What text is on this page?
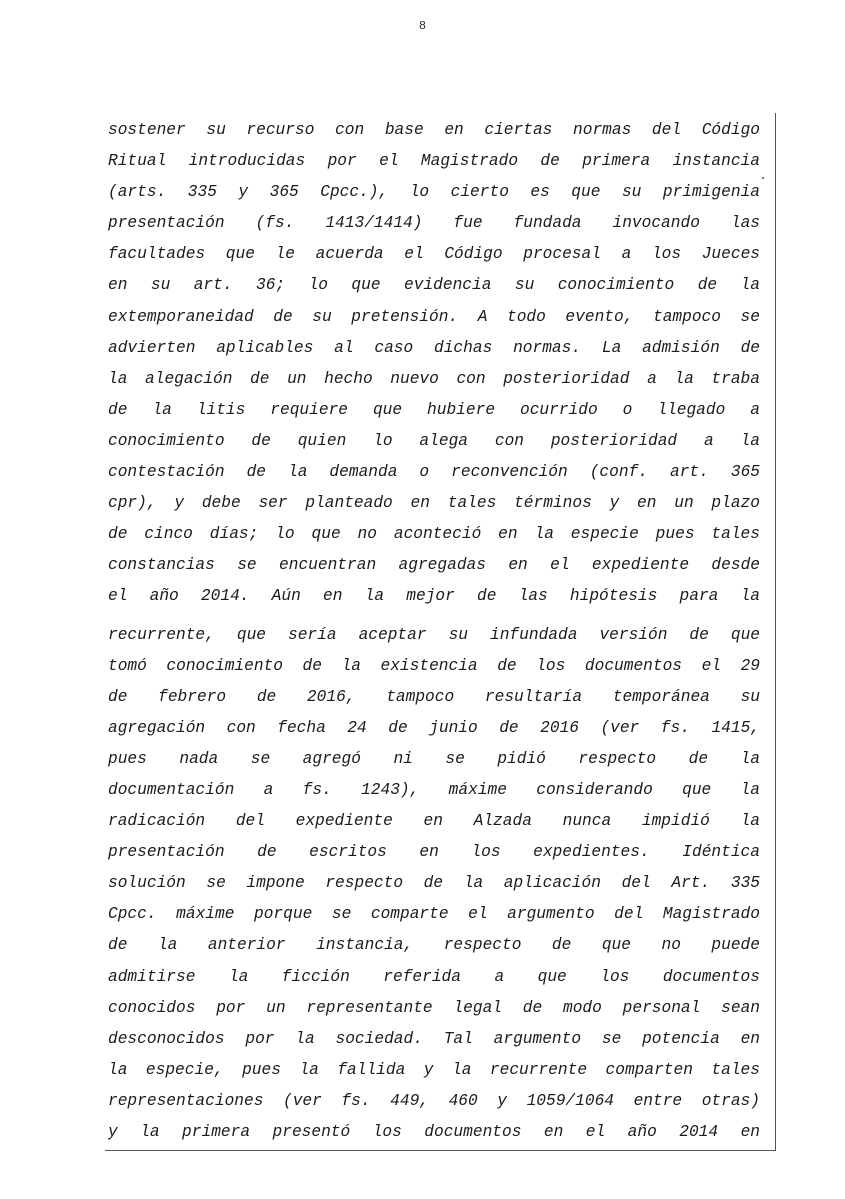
8
˚
sostener su recurso con base en ciertas normas del Código
Ritual introducidas por el Magistrado de primera instancia
(arts. 335 y 365 Cpcc.), lo cierto es que su primigenia
presentación (fs. 1413/1414) fue fundada invocando las
facultades que le acuerda el Código procesal a los Jueces
en su art. 36; lo que evidencia su conocimiento de la
extemporaneidad de su pretensión. A todo evento, tampoco se
advierten aplicables al caso dichas normas. La admisión de
la alegación de un hecho nuevo con posterioridad a la traba
de la litis requiere que hubiere ocurrido o llegado a
conocimiento de quien lo alega con posterioridad a la
contestación de la demanda o reconvención (conf. art. 365
cpr), y debe ser planteado en tales términos y en un plazo
de cinco días; lo que no aconteció en la especie pues tales
constancias se encuentran agregadas en el expediente desde
el año 2014. Aún en la mejor de las hipótesis para la
recurrente, que sería aceptar su infundada versión de que
tomó conocimiento de la existencia de los documentos el 29
de febrero de 2016, tampoco resultaría temporánea su
agregación con fecha 24 de junio de 2016 (ver fs. 1415,
pues nada se agregó ni se pidió respecto de la
documentación a fs. 1243), máxime considerando que la
radicación del expediente en Alzada nunca impidió la
presentación de escritos en los expedientes. Idéntica
solución se impone respecto de la aplicación del Art. 335
Cpcc. máxime porque se comparte el argumento del Magistrado
de la anterior instancia, respecto de que no puede
admitirse la ficción referida a que los documentos
conocidos por un representante legal de modo personal sean
desconocidos por la sociedad. Tal argumento se potencia en
la especie, pues la fallida y la recurrente comparten tales
representaciones (ver fs. 449, 460 y 1059/1064 entre otras)
y la primera presentó los documentos en el año 2014 en
